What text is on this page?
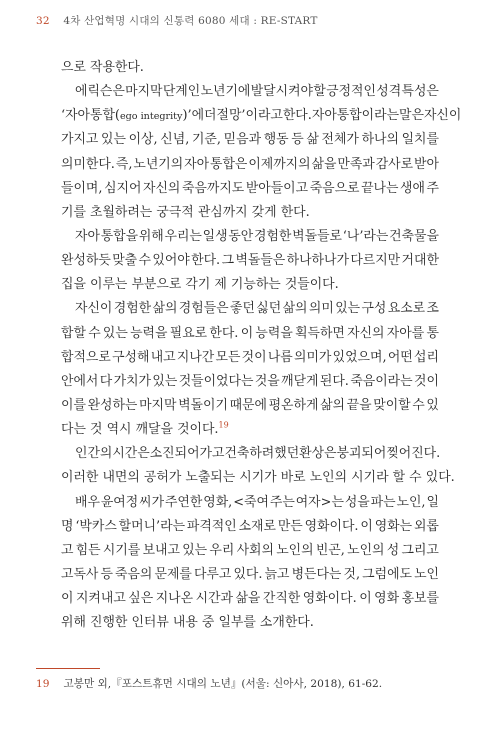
32 4차 산업혁명 시대의 신통력 6080 세대 : RE-START
으로 작용한다.
에릭슨은 마지막 단계인 노년기에 발달시켜야 할 긍정적인 성격 특성은
‘자아 통합(ego integrity)’에 더 절망’이라고 한다. 자아 통합이라는 말은 자신이
가지고 있는 이상, 신념, 기준, 믿음과 행동 등 삶 전체가 하나의 일치를
의미한다. 즉, 노년기의 자아 통합은 이제까지의 삶을 만족과 감사로 받아
들이며, 심지어 자신의 죽음까지도 받아들이고 죽음으로 끝나는 생애 주
기를 초월하려는 궁극적 관심까지 갖게 한다.
자아 통합을 위해 우리는 일생 동안 경험한 벽돌들로 ‘나’라는 건축물을
완성하듯 맞출 수 있어야 한다. 그 벽돌들은 하나하나가 다르지만 거대한
집을 이루는 부분으로 각기 제 기능하는 것들이다.
자신이 경험한 삶의 경험들은 좋던 싫던 삶의 의미 있는 구성 요소로 조
합할 수 있는 능력을 필요로 한다. 이 능력을 획득하면 자신의 자아를 통
합적으로 구성해 내고 지나간 모든 것이 나름 의미가 있었으며, 어떤 섭리
안에서 다 가치가 있는 것들이었다는 것을 깨닫게 된다. 죽음이라는 것이
이를 완성하는 마지막 벽돌이기 때문에 평온하게 삶의 끝을 맞이할 수 있
다는
것
역시
깨달을
것이다.$^{19}$
인간의 시간은 소진되어 가고 건축하려 했던 환상은 붕괴되어 찢어진다.
이러한 내면의 공허가 노출되는 시기가 바로 노인의 시기라 할 수 있다.
배우 윤여정 씨가 주연한 영화, <죽여 주는 여자>는 성을 파는 노인, 일
명 ‘박카스 할머니’라는 파격적인 소재로 만든 영화이다. 이 영화는 외롭
고 힘든 시기를 보내고 있는 우리 사회의 노인의 빈곤, 노인의 성 그리고
고독사 등 죽음의 문제를 다루고 있다. 늙고 병든다는 것, 그럼에도 노인
이 지켜내고 싶은 지나온 시간과 삶을 간직한 영화이다. 이 영화 홍보를
위해 진행한 인터뷰 내용 중 일부를 소개한다.
19 고봉만 외,『포스트휴먼 시대의 노년』(서울: 신아사, 2018), 61-62.
